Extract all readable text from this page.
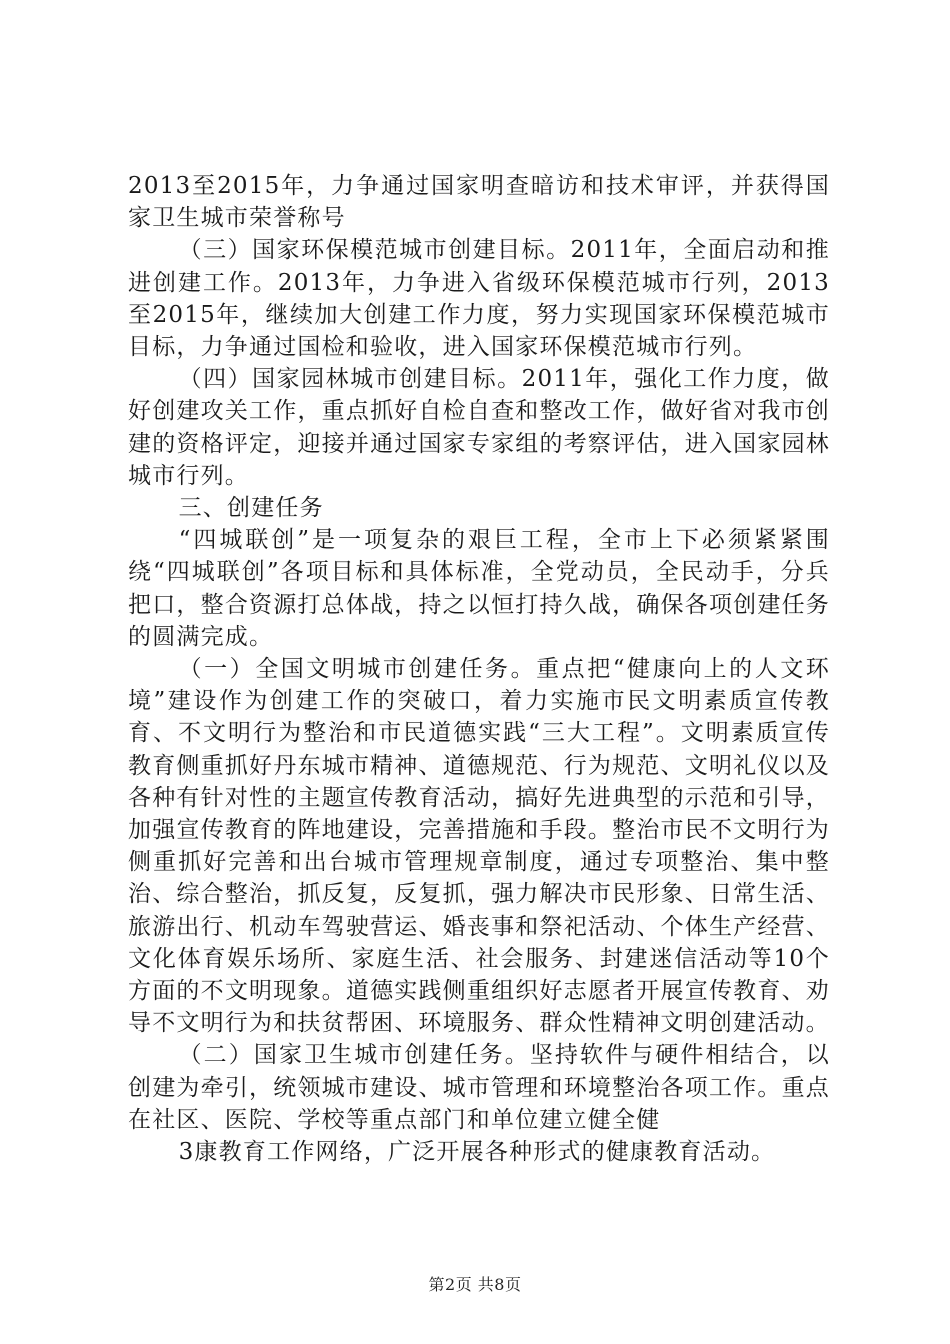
2013至2015年，力争通过国家明查暗访和技术审评，并获得国家卫生城市荣誉称号

（三）国家环保模范城市创建目标。2011年，全面启动和推进创建工作。2013年，力争进入省级环保模范城市行列，2013至2015年，继续加大创建工作力度，努力实现国家环保模范城市目标，力争通过国检和验收，进入国家环保模范城市行列。

（四）国家园林城市创建目标。2011年，强化工作力度，做好创建攻关工作，重点抓好自检自查和整改工作，做好省对我市创建的资格评定，迎接并通过国家专家组的考察评估，进入国家园林城市行列。

三、创建任务

“四城联创”是一项复杂的艰巨工程，全市上下必须紧紧围绕“四城联创”各项目标和具体标准，全党动员，全民动手，分兵把口，整合资源打总体战，持之以恒打持久战，确保各项创建任务的圆满完成。

（一）全国文明城市创建任务。重点把“健康向上的人文环境”建设作为创建工作的突破口，着力实施市民文明素质宣传教育、不文明行为整治和市民道德实践“三大工程”。文明素质宣传教育侧重抓好丹东城市精神、道德规范、行为规范、文明礼仪以及各种有针对性的主题宣传教育活动，搞好先进典型的示范和引导，加强宣传教育的阵地建设，完善措施和手段。整治市民不文明行为侧重抓好完善和出台城市管理规章制度，通过专项整治、集中整治、综合整治，抓反复，反复抓，强力解决市民形象、日常生活、旅游出行、机动车驾驶营运、婚丧事和祭祀活动、个体生产经营、文化体育娱乐场所、家庭生活、社会服务、封建迷信活动等10个方面的不文明现象。道德实践侧重组织好志愿者开展宣传教育、劝导不文明行为和扶贫帮困、环境服务、群众性精神文明创建活动。

（二）国家卫生城市创建任务。坚持软件与硬件相结合，以创建为牵引，统领城市建设、城市管理和环境整治各项工作。重点在社区、医院、学校等重点部门和单位建立健全健

3康教育工作网络，广泛开展各种形式的健康教育活动。

第2页 共8页
